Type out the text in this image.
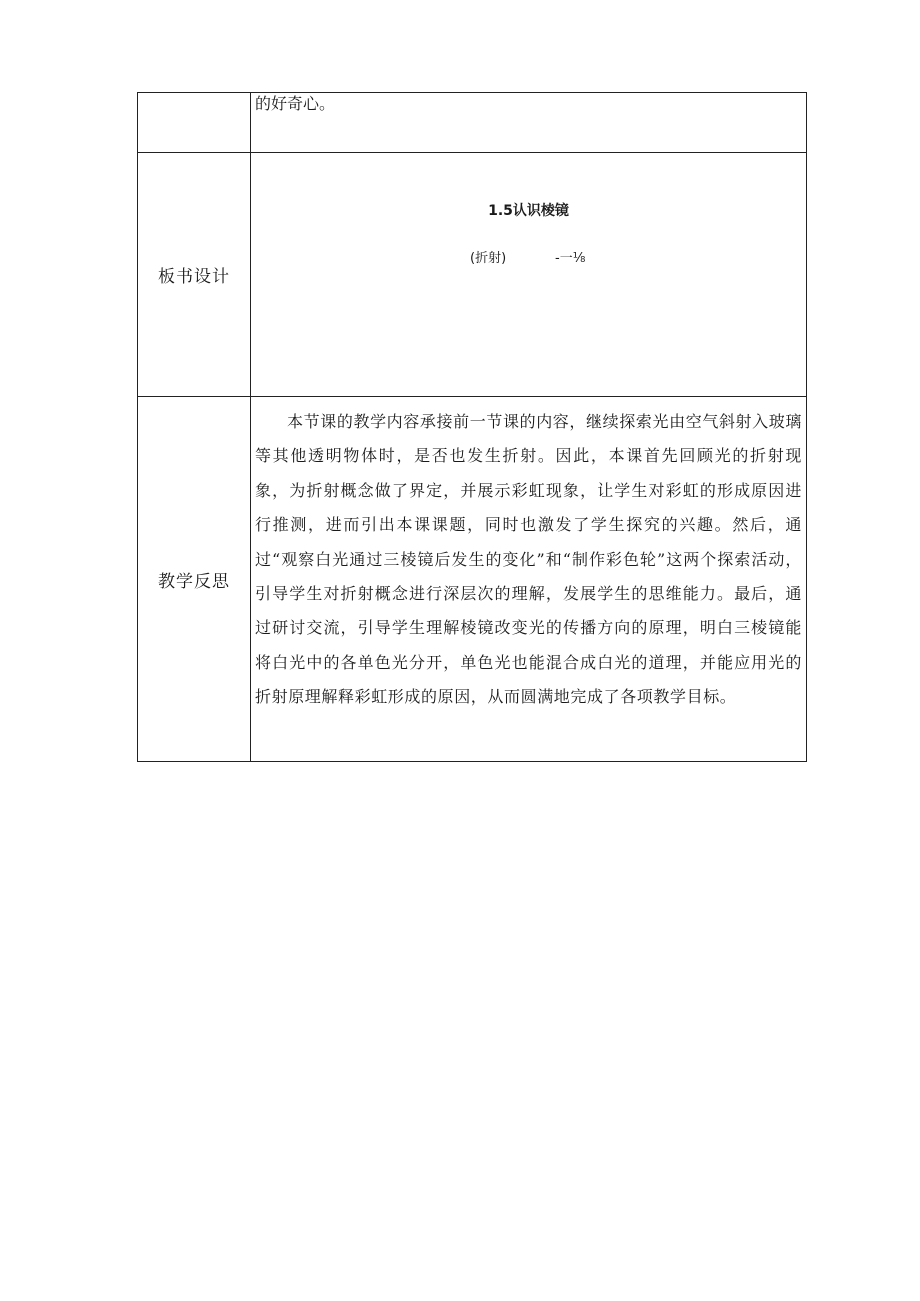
	的好奇心。

板书设计	1.5认识棱镜
(折射) -一⅛

教学反思	本节课的教学内容承接前一节课的内容，继续探索光由空气斜射入玻璃等其他透明物体时，是否也发生折射。因此，本课首先回顾光的折射现象，为折射概念做了界定，并展示彩虹现象，让学生对彩虹的形成原因进行推测，进而引出本课课题，同时也激发了学生探究的兴趣。然后，通过“观察白光通过三棱镜后发生的变化”和“制作彩色轮”这两个探索活动，引导学生对折射概念进行深层次的理解，发展学生的思维能力。最后，通过研讨交流，引导学生理解棱镜改变光的传播方向的原理，明白三棱镜能将白光中的各单色光分开，单色光也能混合成白光的道理，并能应用光的折射原理解释彩虹形成的原因，从而圆满地完成了各项教学目标。
